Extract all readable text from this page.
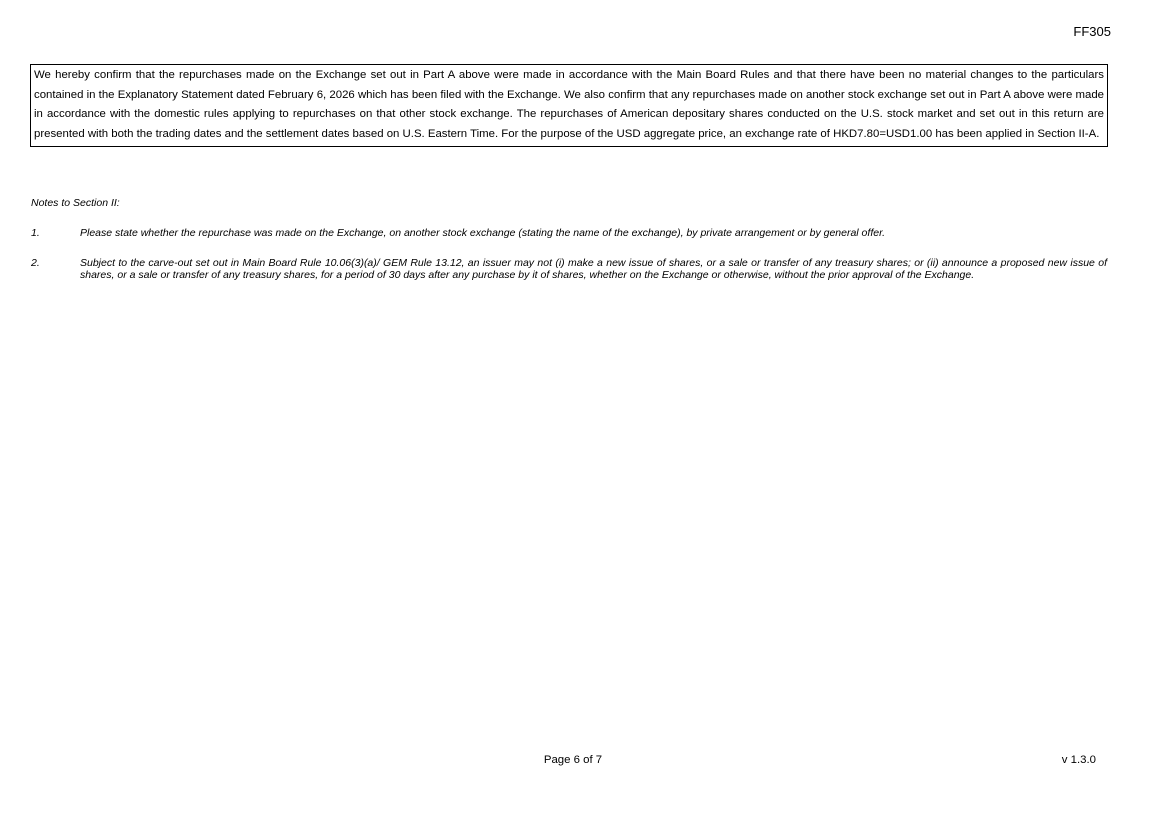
FF305
We hereby confirm that the repurchases made on the Exchange set out in Part A above were made in accordance with the Main Board Rules and that there have been no material changes to the particulars contained in the Explanatory Statement dated February 6, 2026 which has been filed with the Exchange. We also confirm that any repurchases made on another stock exchange set out in Part A above were made in accordance with the domestic rules applying to repurchases on that other stock exchange. The repurchases of American depositary shares conducted on the U.S. stock market and set out in this return are presented with both the trading dates and the settlement dates based on U.S. Eastern Time. For the purpose of the USD aggregate price, an exchange rate of HKD7.80=USD1.00 has been applied in Section II-A.
Notes to Section II:
1.	Please state whether the repurchase was made on the Exchange, on another stock exchange (stating the name of the exchange), by private arrangement or by general offer.
2.	Subject to the carve-out set out in Main Board Rule 10.06(3)(a)/ GEM Rule 13.12, an issuer may not (i) make a new issue of shares, or a sale or transfer of any treasury shares; or (ii) announce a proposed new issue of shares, or a sale or transfer of any treasury shares, for a period of 30 days after any purchase by it of shares, whether on the Exchange or otherwise, without the prior approval of the Exchange.
Page 6 of 7	v 1.3.0
